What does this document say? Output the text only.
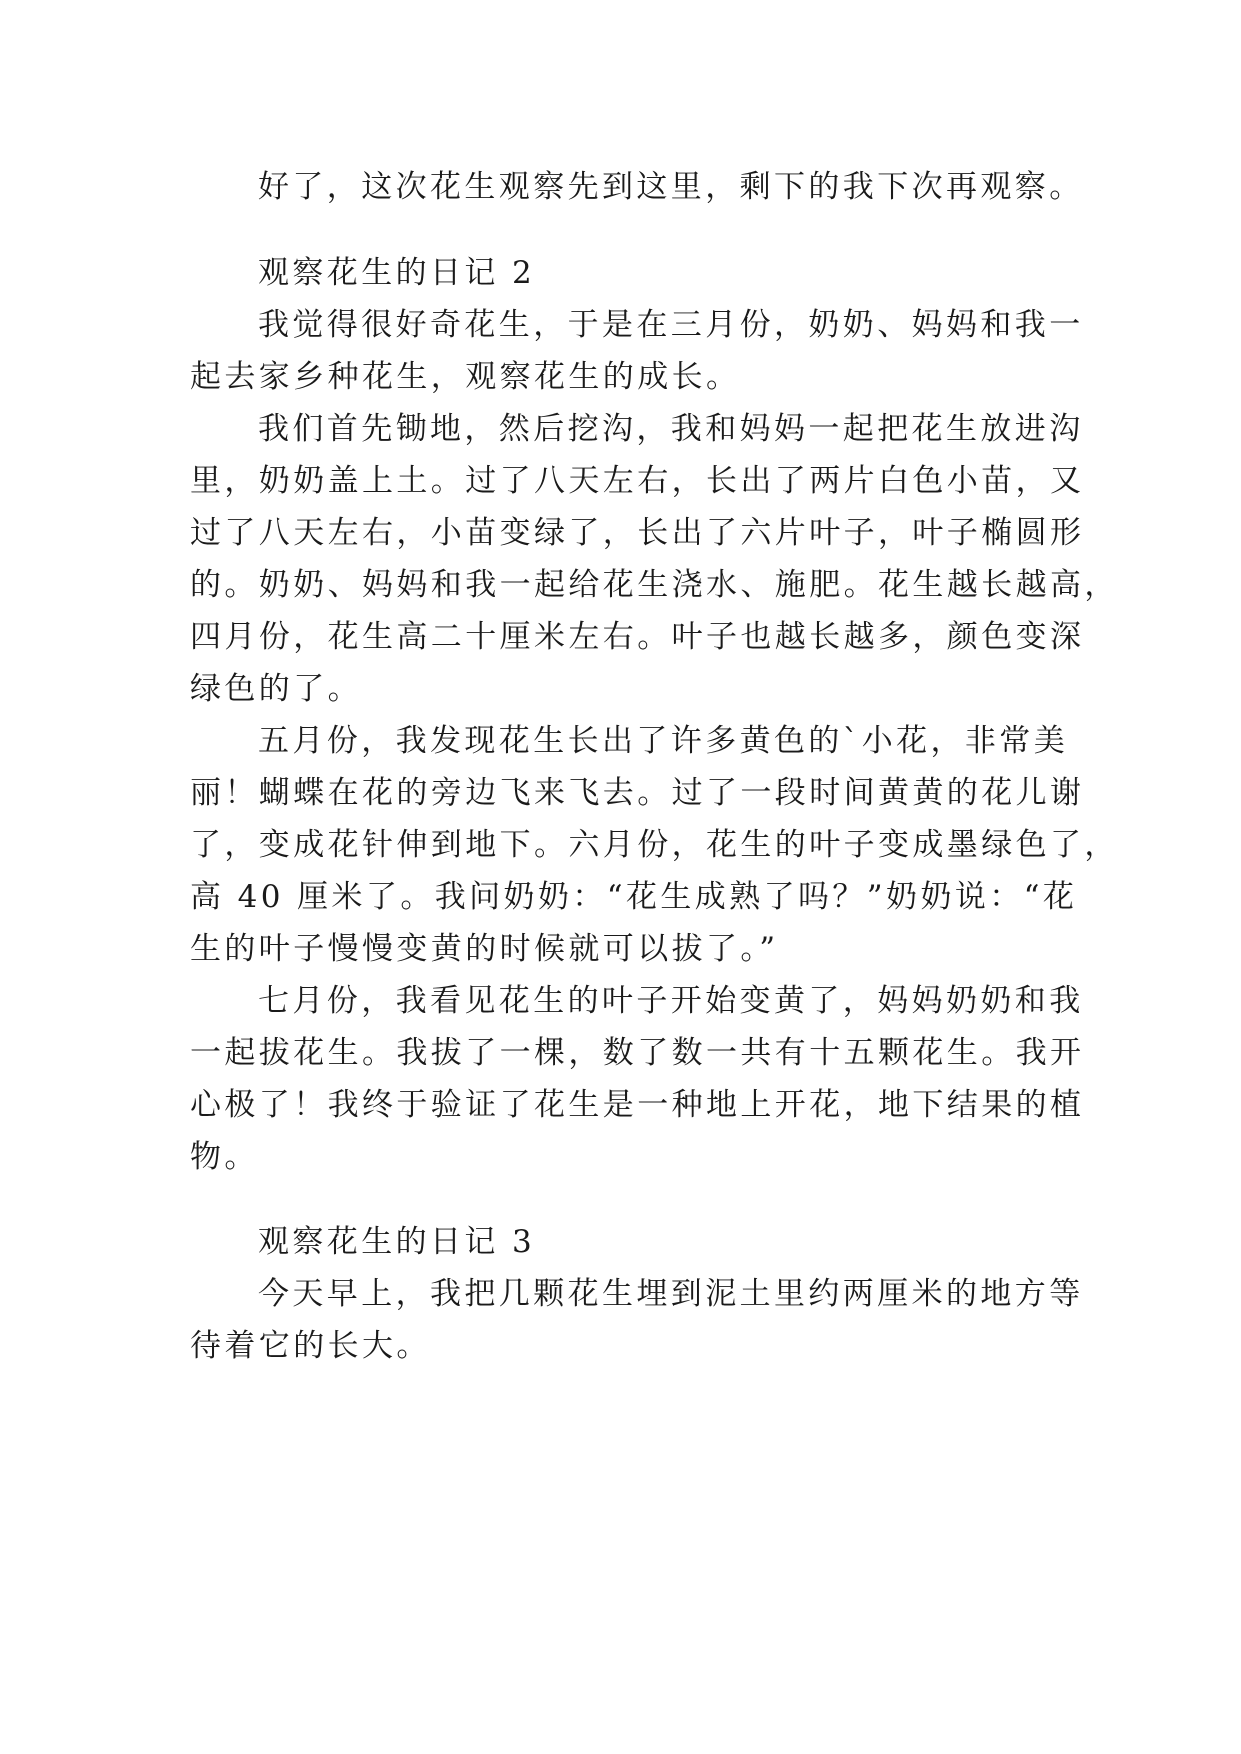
好了，这次花生观察先到这里，剩下的我下次再观察。
观察花生的日记 2
我觉得很好奇花生，于是在三月份，奶奶、妈妈和我一
起去家乡种花生，观察花生的成长。
我们首先锄地，然后挖沟，我和妈妈一起把花生放进沟
里，奶奶盖上土。过了八天左右，长出了两片白色小苗，又
过了八天左右，小苗变绿了，长出了六片叶子，叶子椭圆形
的。奶奶、妈妈和我一起给花生浇水、施肥。花生越长越高，
四月份，花生高二十厘米左右。叶子也越长越多，颜色变深
绿色的了。
五月份，我发现花生长出了许多黄色的`小花，非常美
丽！蝴蝶在花的旁边飞来飞去。过了一段时间黄黄的花儿谢
了，变成花针伸到地下。六月份，花生的叶子变成墨绿色了，
高 40 厘米了。我问奶奶：“花生成熟了吗？”奶奶说：“花
生的叶子慢慢变黄的时候就可以拔了。”
七月份，我看见花生的叶子开始变黄了，妈妈奶奶和我
一起拔花生。我拔了一棵，数了数一共有十五颗花生。我开
心极了！我终于验证了花生是一种地上开花，地下结果的植
物。
观察花生的日记 3
今天早上，我把几颗花生埋到泥土里约两厘米的地方等
待着它的长大。
